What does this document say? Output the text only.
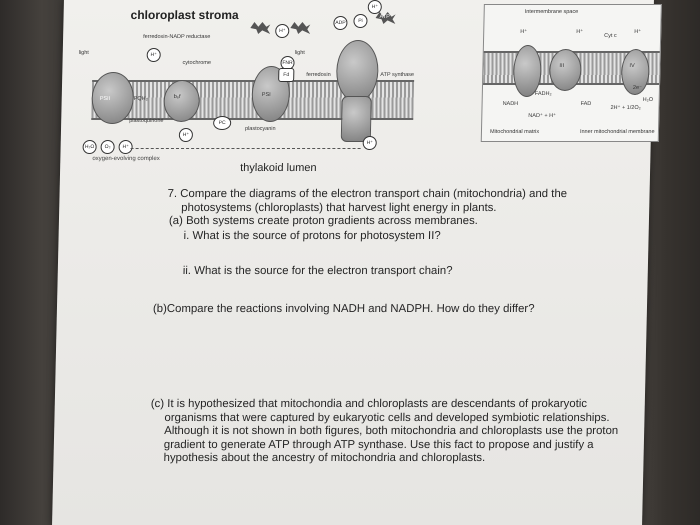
chloroplast stroma
ferredoxin-NADP reductase
light	light
cytochrome
ferredoxin	ATP synthase
H⁺
H⁺
ADP	Pi
H⁺
ATP
PSII	PQH₂	b₆f	PSI
FNR
Fd
plastoquinone	PC
plastocyanin
H⁺
H⁺
H⁺
H₂O	O₂
oxygen-evolving complex
Intermembrane space
Cyt c
H⁺	H⁺	H⁺
III	IV
NADH
FADH₂
FAD
NAD⁺ + H⁺
2H⁺ + 1/2O₂
H₂O
2e⁻
Mitochondrial matrix	Inner mitochondrial membrane
thylakoid lumen
7. Compare the diagrams of the electron transport chain (mitochondria) and the photosystems (chloroplasts) that harvest light energy in plants.
(a) Both systems create proton gradients across membranes.
i. What is the source of protons for photosystem II?
ii. What is the source for the electron transport chain?
(b)Compare the reactions involving NADH and NADPH. How do they differ?
(c) It is hypothesized that mitochondia and chloroplasts are descendants of prokaryotic organisms that were captured by eukaryotic cells and developed symbiotic relationships. Although it is not shown in both figures, both mitochondria and chloroplasts use the proton gradient to generate ATP through ATP synthase. Use this fact to propose and justify a hypothesis about the ancestry of mitochondria and chloroplasts.
